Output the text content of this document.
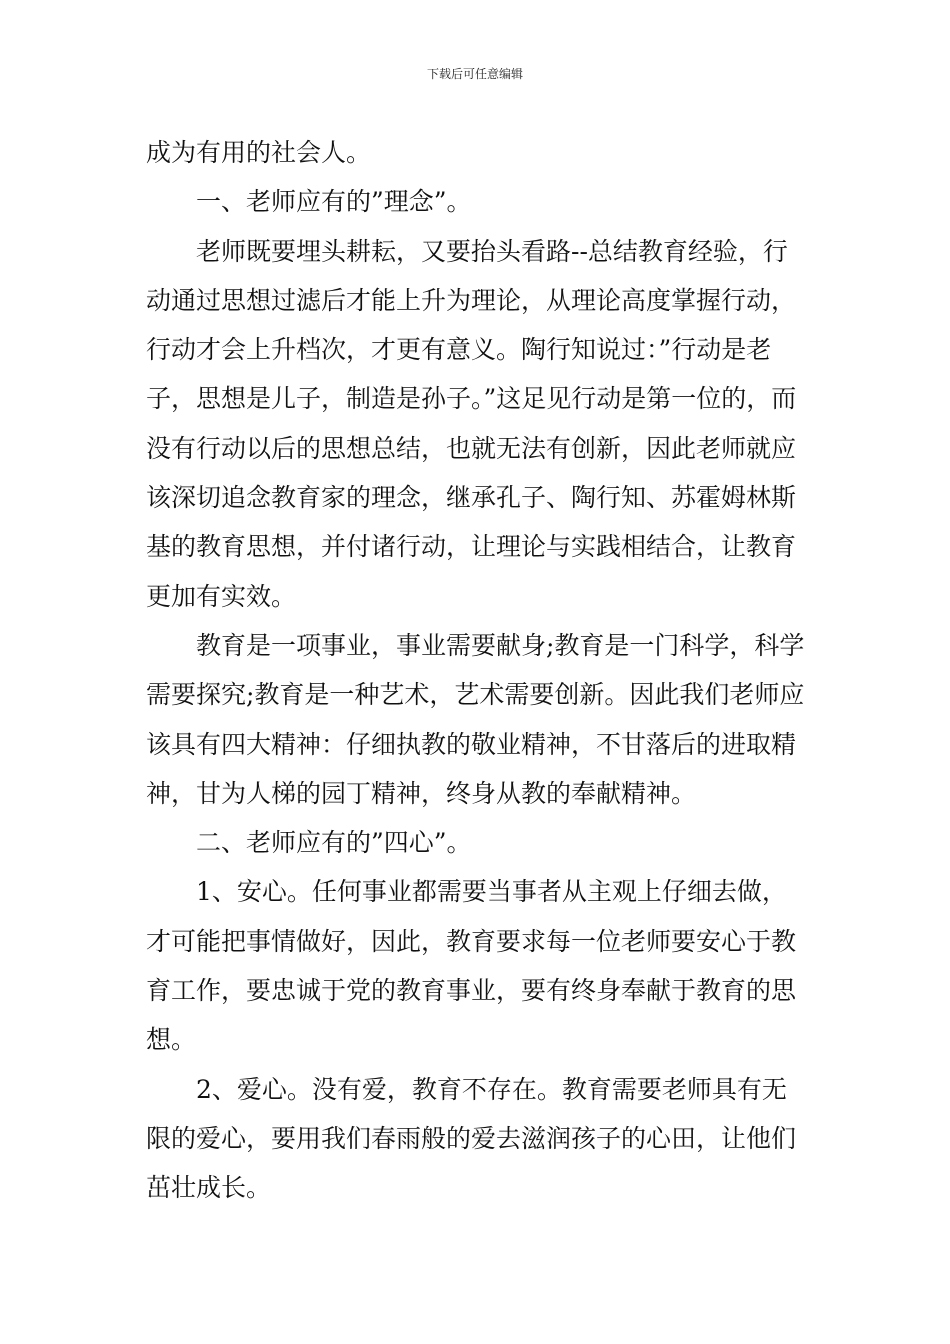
下载后可任意编辑

成为有用的社会人。

一、老师应有的”理念”。

老师既要埋头耕耘，又要抬头看路--总结教育经验，行动通过思想过滤后才能上升为理论，从理论高度掌握行动，行动才会上升档次，才更有意义。陶行知说过：”行动是老子，思想是儿子，制造是孙子。”这足见行动是第一位的，而没有行动以后的思想总结，也就无法有创新，因此老师就应该深切追念教育家的理念，继承孔子、陶行知、苏霍姆林斯基的教育思想，并付诸行动，让理论与实践相结合，让教育更加有实效。

教育是一项事业，事业需要献身;教育是一门科学，科学需要探究;教育是一种艺术，艺术需要创新。因此我们老师应该具有四大精神：仔细执教的敬业精神，不甘落后的进取精神，甘为人梯的园丁精神，终身从教的奉献精神。

二、老师应有的”四心”。

1、安心。任何事业都需要当事者从主观上仔细去做，才可能把事情做好，因此，教育要求每一位老师要安心于教育工作，要忠诚于党的教育事业，要有终身奉献于教育的思想。

2、爱心。没有爱，教育不存在。教育需要老师具有无限的爱心，要用我们春雨般的爱去滋润孩子的心田，让他们茁壮成长。
